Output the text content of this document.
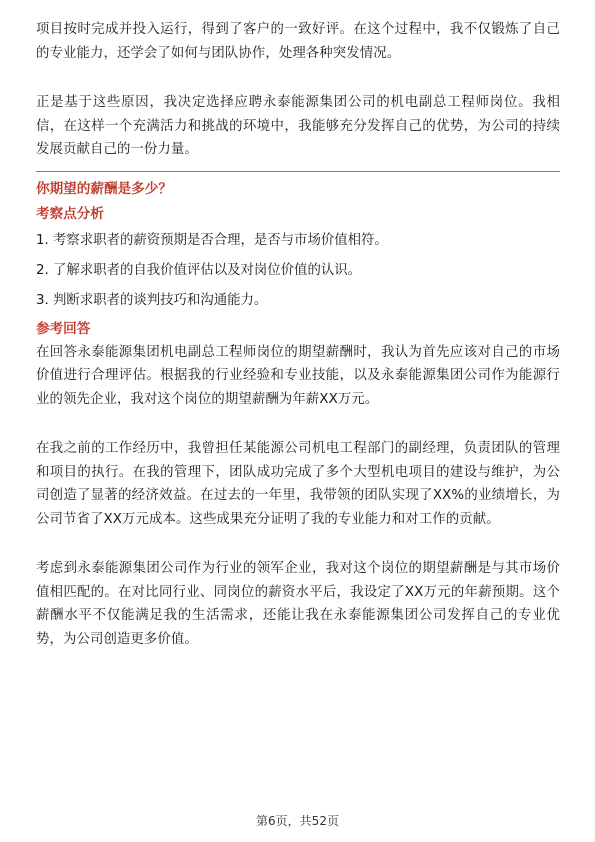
项目按时完成并投入运行，得到了客户的一致好评。在这个过程中，我不仅锻炼了自己的专业能力，还学会了如何与团队协作，处理各种突发情况。

正是基于这些原因，我决定选择应聘永泰能源集团公司的机电副总工程师岗位。我相信，在这样一个充满活力和挑战的环境中，我能够充分发挥自己的优势，为公司的持续发展贡献自己的一份力量。

你期望的薪酬是多少？

考察点分析

1. 考察求职者的薪资预期是否合理，是否与市场价值相符。
2. 了解求职者的自我价值评估以及对岗位价值的认识。
3. 判断求职者的谈判技巧和沟通能力。

参考回答

在回答永泰能源集团机电副总工程师岗位的期望薪酬时，我认为首先应该对自己的市场价值进行合理评估。根据我的行业经验和专业技能，以及永泰能源集团公司作为能源行业的领先企业，我对这个岗位的期望薪酬为年薪XX万元。

在我之前的工作经历中，我曾担任某能源公司机电工程部门的副经理，负责团队的管理和项目的执行。在我的管理下，团队成功完成了多个大型机电项目的建设与维护，为公司创造了显著的经济效益。在过去的一年里，我带领的团队实现了XX%的业绩增长，为公司节省了XX万元成本。这些成果充分证明了我的专业能力和对工作的贡献。

考虑到永泰能源集团公司作为行业的领军企业，我对这个岗位的期望薪酬是与其市场价值相匹配的。在对比同行业、同岗位的薪资水平后，我设定了XX万元的年薪预期。这个薪酬水平不仅能满足我的生活需求，还能让我在永泰能源集团公司发挥自己的专业优势，为公司创造更多价值。

第6页，共52页
